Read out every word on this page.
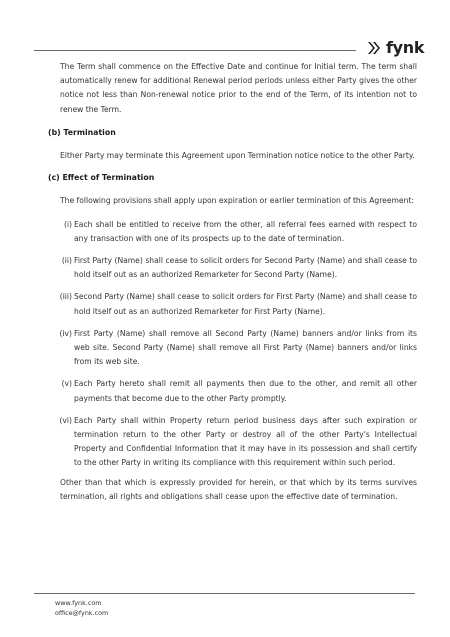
fynk

The Term shall commence on the Effective Date and continue for Initial term. The term shall automatically renew for additional Renewal period periods unless either Party gives the other notice not less than Non-renewal notice prior to the end of the Term, of its intention not to renew the Term.

(b) Termination

Either Party may terminate this Agreement upon Termination notice notice to the other Party.

(c) Effect of Termination

The following provisions shall apply upon expiration or earlier termination of this Agreement:

(i) Each shall be entitled to receive from the other, all referral fees earned with respect to any transaction with one of its prospects up to the date of termination.
(ii) First Party (Name) shall cease to solicit orders for Second Party (Name) and shall cease to hold itself out as an authorized Remarketer for Second Party (Name).
(iii) Second Party (Name) shall cease to solicit orders for First Party (Name) and shall cease to hold itself out as an authorized Remarketer for First Party (Name).
(iv) First Party (Name) shall remove all Second Party (Name) banners and/or links from its web site. Second Party (Name) shall remove all First Party (Name) banners and/or links from its web site.
(v) Each Party hereto shall remit all payments then due to the other, and remit all other payments that become due to the other Party promptly.
(vi) Each Party shall within Property return period business days after such expiration or termination return to the other Party or destroy all of the other Party's Intellectual Property and Confidential Information that it may have in its possession and shall certify to the other Party in writing its compliance with this requirement within such period.

Other than that which is expressly provided for herein, or that which by its terms survives termination, all rights and obligations shall cease upon the effective date of termination.

www.fynk.com
office@fynk.com
